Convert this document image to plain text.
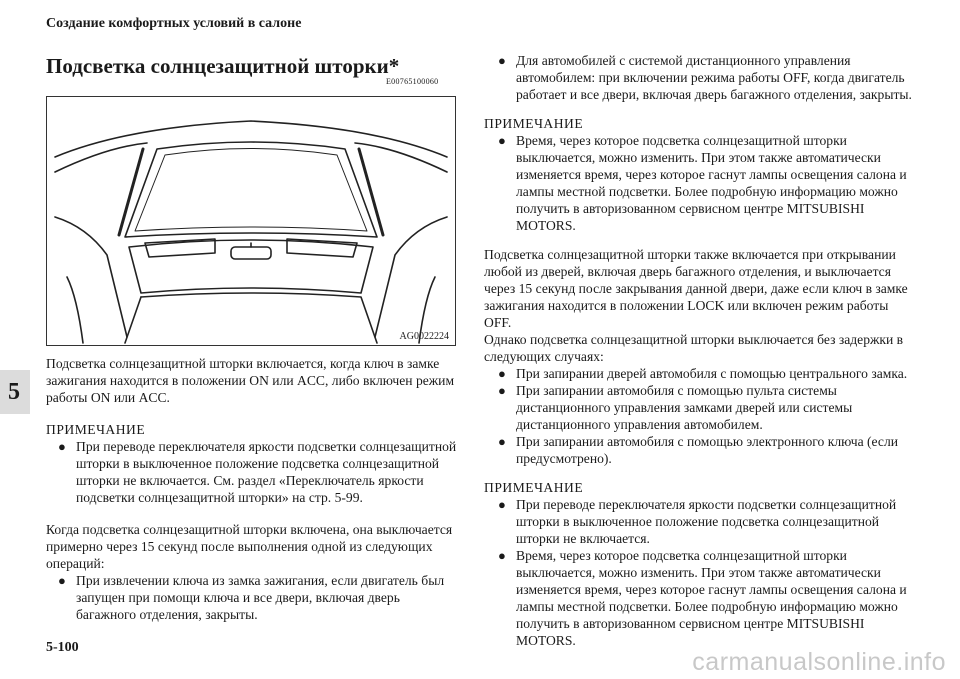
Создание комфортных условий в салоне
5
Подсветка солнцезащитной шторки*
E00765100060
AG0022224

Подсветка солнцезащитной шторки включается, когда ключ в замке зажигания находится в положении ON или ACC, либо включен режим работы ON или ACC.

ПРИМЕЧАНИЕ

● При переводе переключателя яркости подсветки солнцезащитной шторки в выключенное положение подсветка солнцезащитной шторки не включается. См. раздел «Переключатель яркости подсветки солнцезащитной шторки» на стр. 5-99.

Когда подсветка солнцезащитной шторки включена, она выключается примерно через 15 секунд после выполнения одной из следующих операций:

● При извлечении ключа из замка зажигания, если двигатель был запущен при помощи ключа и все двери, включая дверь багажного отделения, закрыты.
● Для автомобилей с системой дистанционного управления автомобилем: при включении режима работы OFF, когда двигатель работает и все двери, включая дверь багажного отделения, закрыты.

ПРИМЕЧАНИЕ

● Время, через которое подсветка солнцезащитной шторки выключается, можно изменить. При этом также автоматически изменяется время, через которое гаснут лампы освещения салона и лампы местной подсветки. Более подробную информацию можно получить в авторизованном сервисном центре MITSUBISHI MOTORS.

Подсветка солнцезащитной шторки также включается при открывании любой из дверей, включая дверь багажного отделения, и выключается через 15 секунд после закрывания данной двери, даже если ключ в замке зажигания находится в положении LOCK или включен режим работы OFF.

Однако подсветка солнцезащитной шторки выключается без задержки в следующих случаях:

● При запирании дверей автомобиля с помощью центрального замка.
● При запирании автомобиля с помощью пульта системы дистанционного управления замками дверей или системы дистанционного управления автомобилем.
● При запирании автомобиля с помощью электронного ключа (если предусмотрено).

ПРИМЕЧАНИЕ

● При переводе переключателя яркости подсветки солнцезащитной шторки в выключенное положение подсветка солнцезащитной шторки не включается.
● Время, через которое подсветка солнцезащитной шторки выключается, можно изменить. При этом также автоматически изменяется время, через которое гаснут лампы освещения салона и лампы местной подсветки. Более подробную информацию можно получить в авторизованном сервисном центре MITSUBISHI MOTORS.
5-100
carmanualsonline.info
